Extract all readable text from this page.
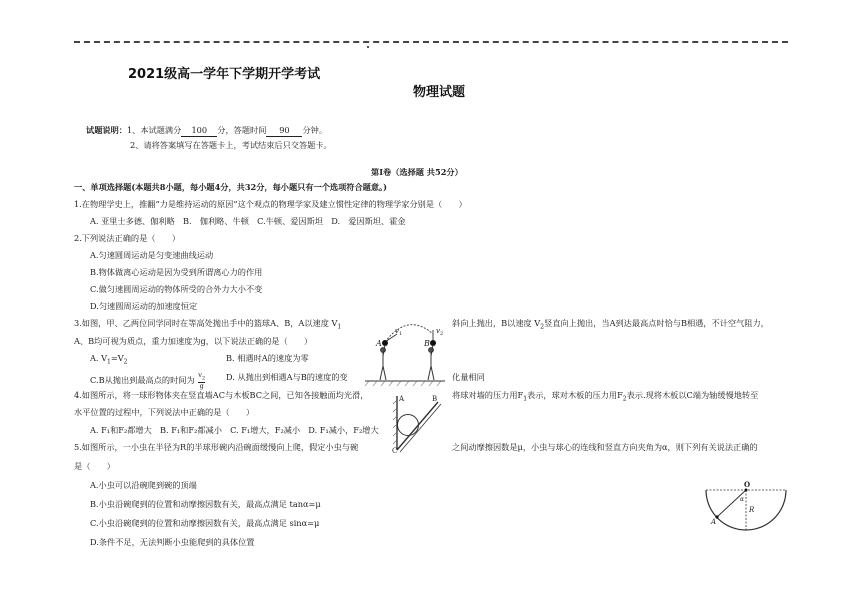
2021级高一学年下学期开学考试
物理试题
试题说明：1、本试题满分 100 分，答题时间 90 分钟。
2、请将答案填写在答题卡上，考试结束后只交答题卡。
第Ⅰ卷（选择题 共52分）
一、单项选择题(本题共8小题，每小题4分，共32分，每小题只有一个选项符合题意。)
1.在物理学史上，推翻“力是维持运动的原因”这个观点的物理学家及建立惯性定律的物理学家分别是（　　）
A. 亚里士多德、伽利略　B.　伽利略、牛顿　C.牛顿、爱因斯坦　D.　爱因斯坦、霍金
2.下列说法正确的是（　　）
A.匀速圆周运动是匀变速曲线运动
B.物体做离心运动是因为受到所谓离心力的作用
C.做匀速圆周运动的物体所受的合外力大小不变
D.匀速圆周运动的加速度恒定
3.如图，甲、乙两位同学同时在等高处抛出手中的篮球A、B，A以速度 $V_1$	斜向上抛出，B以速度 $V_2$竖直向上抛出，当A到达最高点时恰与B相遇，不计空气阻力，
A、B均可视为质点，重力加速度为g，以下说法正确的是（　　）
A. $V_1=V_2$	B. 相遇时A的速度为零
C.B从抛出到最高点的时间为 $\frac{v_2}{g}$	D. 从抛出到相遇A与B的速度的变	化量相同
A	B
v 1	v 2
4.如图所示，将一球形物体夹在竖直墙AC与木板BC之间，已知各接触面均光滑，	将球对墙的压力用$F_1$表示，球对木板的压力用$F_2$表示.现将木板以C端为轴缓慢地转至
水平位置的过程中，下列说法中正确的是（　　）
A. F₁和F₂都增大　B. F₁和F₂都减小　C. F₁增大，F₂减小　D. F₁减小，F₂增大
A	B
C
5.如图所示，一小虫在半径为R的半球形碗内沿碗面缓慢向上爬，假定小虫与碗	之间动摩擦因数是μ，小虫与球心的连线和竖直方向夹角为α，则下列有关说法正确的
是（　　）
A.小虫可以沿碗爬到碗的顶端
B.小虫沿碗爬到的位置和动摩擦因数有关，最高点满足 tanα=μ
C.小虫沿碗爬到的位置和动摩擦因数有关，最高点满足 sinα=μ
D.条件不足，无法判断小虫能爬到的具体位置
O
α
R
A
